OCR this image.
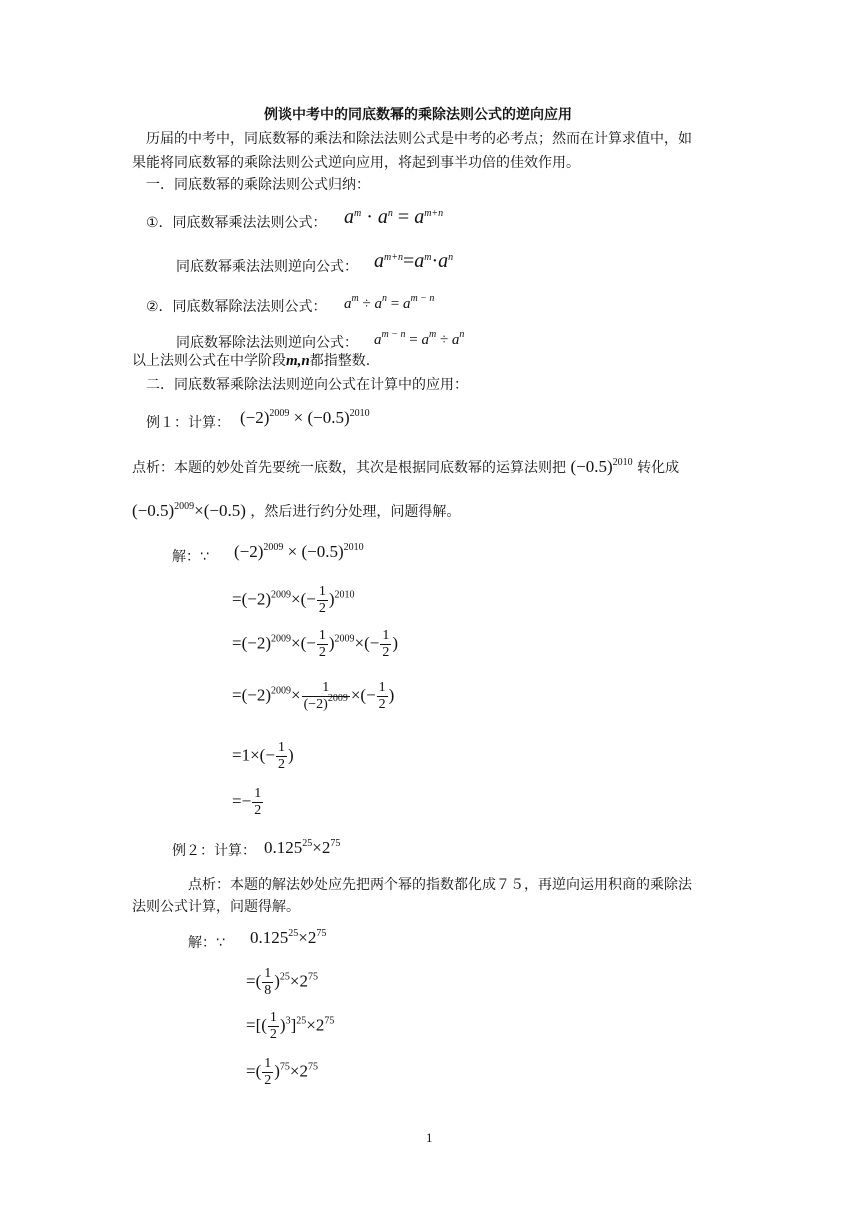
例谈中考中的同底数幂的乘除法则公式的逆向应用
历届的中考中，同底数幂的乘法和除法法则公式是中考的必考点；然而在计算求值中，如
果能将同底数幂的乘除法则公式逆向应用，将起到事半功倍的佳效作用。
一．同底数幂的乘除法则公式归纳：
①．同底数幂乘法法则公式： $a^m \cdot a^n = a^{m+n}$
同底数幂乘法法则逆向公式： $a^{m+n}=a^m\cdot a^n$
②．同底数幂除法法则公式： $a^m \div a^n = a^{m - n}$
同底数幂除法法则逆向公式： $a^{m - n} = a^m \div a^n$
以上法则公式在中学阶段m,n都指整数.
二．同底数幂乘除法法则逆向公式在计算中的应用：
例１：计算： $(-2)^{2009} \times (-0.5)^{2010}$
点析：本题的妙处首先要统一底数，其次是根据同底数幂的运算法则把 $(-0.5)^{2010}$ 转化成
$(-0.5)^{2009}\times(-0.5)$ ，然后进行约分处理，问题得解。
解：∵ $(-2)^{2009} \times (-0.5)^{2010}$
$=(-2)^{2009}\times(- \frac{1}{2} )^{2010}$
$=(-2)^{2009}\times(- \frac{1}{2} )^{2009}\times(- \frac{1}{2}$ )
$=(-2)^{2009}\times \frac{1}{(-2)^{2009}}$ ×(− $\frac{1}{2}$ )
$=1\times(- \frac{1}{2}$ )
=− $\frac{1}{2}$
例２：计算： $0.125^{25}\times 2^{75}$
点析：本题的解法妙处应先把两个幂的指数都化成７５，再逆向运用积商的乘除法
法则公式计算，问题得解。
解：∵ $0.125^{25}\times 2^{75}$
=( $\frac{1}{8} )^{25}\times 2^{75}$
=[( $\frac{1}{2} )^3]^{25}\times 2^{75}$
=( $\frac{1}{2} )^{75}\times 2^{75}$
1
